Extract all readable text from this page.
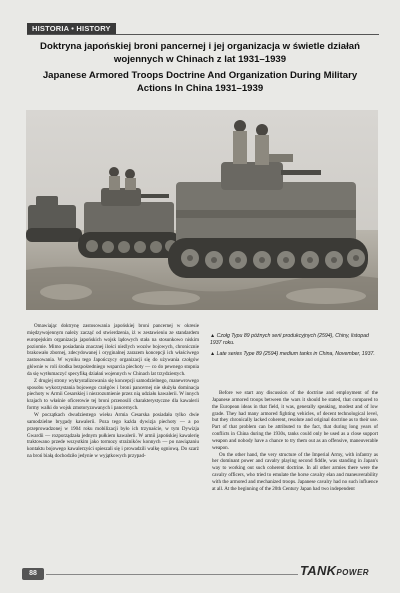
HISTORIA • HISTORY
Doktryna japońskiej broni pancernej i jej organizacja w świetle działań wojennych w Chinach z lat 1931–1939
Japanese Armored Troops Doctrine And Organization During Military Actions In China 1931–1939

▲ Czołg Typu 89 późnych serii produkcyjnych (2594), Chiny, listopad 1937 roku.

▲ Late series Type 89 (2594) medium tanks in China, November, 1937.

Omawiając doktrynę zastosowania japońskiej broni pancernej w okresie międzywojennym należy zacząć od stwierdzenia, iż w zestawieniu ze standardem europejskim organizacja japońskich wojsk lądowych stała na stosunkowo niskim poziomie. Mimo posiadania znacznej ilości nieźlych wozów bojowych, chronicznie brakowało zbornej, zdecydowanej i oryginalnej zarazem koncepcji ich właściwego zastosowania. W wyniku tego Japończycy organizacji się do używania czołgów głównie w roli środka bezpośredniego wsparcia piechoty — co do pewnego stopnia da się wytłumaczyć specyfiką działań wojennych w Chinach lat trzydziestych.

Z drugiej strony wykrystalizowania się koncepcji samodzielnego, manewrowego sposobu wykorzystania bojowego czołgów i broni pancernej nie służyła dominacja piechoty w Armii Cesarskiej i niezrozumienie przez nią udziału kawalerii. W innych krajach to właśnie oficerowie tej broni przenosili charakterystyczne dla kawalerii formy walki do wojsk zmotoryzowanych i pancernych.

W początkach dwudziestego wieku Armia Cesarska posiadała tylko dwie samodzielne brygady kawalerii. Poza tego każda dywizja piechoty — a po przeprowadzonej w 1904 roku mobilizacji było ich trzynaście, w tym Dywizja Gwardii — rozporządzała jednym pułkiem kawalerii. W armii japońskiej kawalerię traktowano przede wszystkim jako tormozy strażników konnych — po nawiązaniu kontaktu bojowego kawalerzyści spieszali się i prowadzili walkę ogniową. Do szarż na broń białą dochodziło jedynie w wyjątkowych przypad-

Before we start any discussion of the doctrine and employment of the Japanese armored troops between the wars it should be stated, that compared to the European ideas in that field, it was, generally speaking, modest and of low grade. They had many armored fighting vehicles, of decent technological level, but they chronically lacked coherent, resolute and original doctrine as to their use. Part of that problem can be attributed to the fact, that during long years of conflicts in China during the 1930s, tanks could only be used as a close support weapon and nobody have a chance to try them out as an offensive, maneuverable weapon.

On the other hand, the very structure of the Imperial Army, with infantry as her dominant power and cavalry playing second fiddle, was standing in Japan's way to working out such coherent doctrine. In all other armies there were the cavalry officers, who tried to emulate the horse cavalry elan and maneuverability with the armored and mechanized troops. Japanese cavalry had no such influence at all. At the beginning of the 20th Century Japan had two independent

88	TANKPOWER
